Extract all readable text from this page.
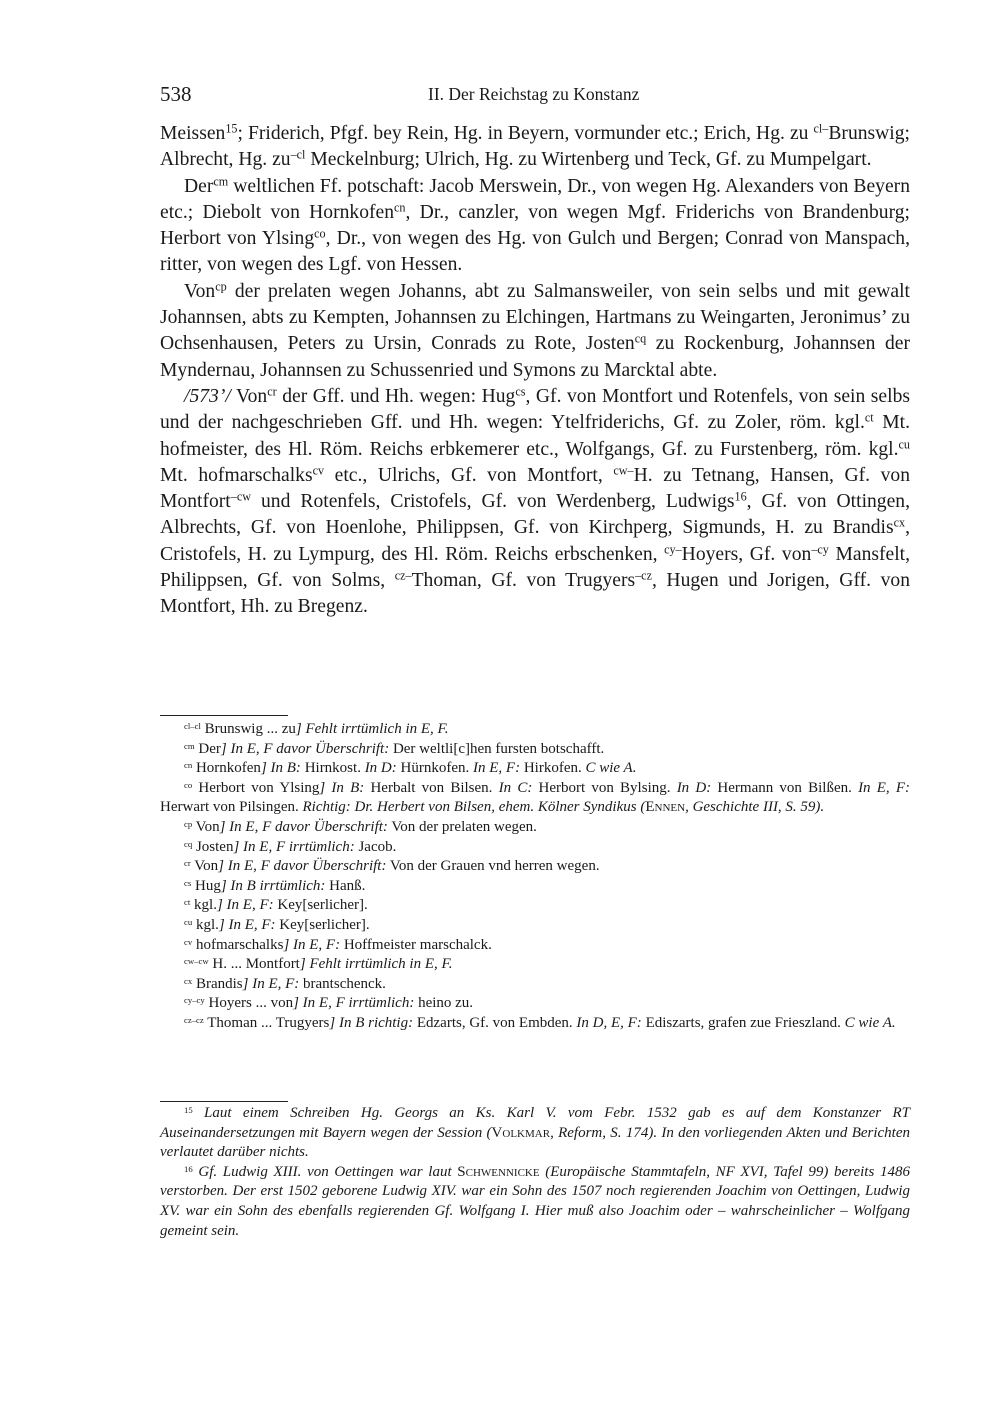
538	II. Der Reichstag zu Konstanz

Meissen$^{15}$; Friderich, Pfgf. bey Rein, Hg. in Beyern, vormunder etc.; Erich, Hg. zu $^{cl-}$Brunswig; Albrecht, Hg. $zu^{-cl}$ Meckelnburg; Ulrich, Hg. zu Wirtenberg und Teck, Gf. zu Mumpelgart.

Der$^{cm}$ weltlichen Ff. potschaft: Jacob Merswein, Dr., von wegen Hg. Alexanders von Beyern etc.; Diebolt von Hornkofen$^{cn}$, Dr., canzler, von wegen Mgf. Friderichs von Brandenburg; Herbort von Ylsing$^{co}$, Dr., von wegen des Hg. von Gulch und Bergen; Conrad von Manspach, ritter, von wegen des Lgf. von Hessen.

Von$^{cp}$ der prelaten wegen Johanns, abt zu Salmansweiler, von sein selbs und mit gewalt Johannsen, abts zu Kempten, Johannsen zu Elchingen, Hartmans zu Weingarten, Jeronimus’ zu Ochsenhausen, Peters zu Ursin, Conrads zu Rote, Josten$^{cq}$ zu Rockenburg, Johannsen der Myndernau, Johannsen zu Schussenried und Symons zu Marcktal abte.

/573’/ Von$^{cr}$ der Gff. und Hh. wegen: Hug$^{cs}$, Gf. von Montfort und Rotenfels, von sein selbs und der nachgeschrieben Gff. und Hh. wegen: Ytelfriderichs, Gf. zu Zoler, röm. kgl.$^{ct}$ Mt. hofmeister, des Hl. Röm. Reichs erbkemerer etc., Wolfgangs, Gf. zu Furstenberg, röm. kgl.$^{cu}$ Mt. hofmarschalks$^{cv}$ etc., Ulrichs, Gf. von Montfort, $^{cw-}$H. zu Tetnang, Hansen, Gf. von Montfort$^{-cw}$ und Rotenfels, Cristofels, Gf. von Werdenberg, Ludwigs$^{16}$, Gf. von Ottingen, Albrechts, Gf. von Hoenlohe, Philippsen, Gf. von Kirchperg, Sigmunds, H. zu Brandis$^{cx}$, Cristofels, H. zu Lympurg, des Hl. Röm. Reichs erbschenken, $^{cy-}$Hoyers, Gf. von$^{-cy}$ Mansfelt, Philippsen, Gf. von Solms, $^{cz-}$Thoman, Gf. von Trugyers$^{-cz}$, Hugen und Jorigen, Gff. von Montfort, Hh. zu Bregenz.

$^{cl-cl}$ Brunswig ... zu] Fehlt irrtümlich in E, F.

$^{cm}$ Der] In E, F davor Überschrift: Der weltli[c]hen fursten botschafft.

$^{cn}$ Hornkofen] In B: Hirnkost. In D: Hürnkofen. In E, F: Hirkofen. C wie A.

$^{co}$ Herbort von Ylsing] In B: Herbalt von Bilsen. In C: Herbort von Bylsing. In D: Hermann von Bilßen. In E, F: Herwart von Pilsingen. Richtig: Dr. Herbert von Bilsen, ehem. Kölner Syndikus (Ennen, Geschichte III, S. 59).

$^{cp}$ Von] In E, F davor Überschrift: Von der prelaten wegen.

$^{cq}$ Josten] In E, F irrtümlich: Jacob.

$^{cr}$ Von] In E, F davor Überschrift: Von der Grauen vnd herren wegen.

$^{cs}$ Hug] In B irrtümlich: Hanß.

$^{ct}$ kgl.] In E, F: Key[serlicher].

$^{cu}$ kgl.] In E, F: Key[serlicher].

$^{cv}$ hofmarschalks] In E, F: Hoffmeister marschalck.

$^{cw-cw}$ H. ... Montfort] Fehlt irrtümlich in E, F.

$^{cx}$ Brandis] In E, F: brantschenck.

$^{cy-cy}$ Hoyers ... von] In E, F irrtümlich: heino zu.

$^{cz-cz}$ Thoman ... Trugyers] In B richtig: Edzarts, Gf. von Embden. In D, E, F: Ediszarts, grafen zue Frieszland. C wie A.

$^{15}$ Laut einem Schreiben Hg. Georgs an Ks. Karl V. vom Febr. 1532 gab es auf dem Konstanzer RT Auseinandersetzungen mit Bayern wegen der Session (Volkmar, Reform, S. 174). In den vorliegenden Akten und Berichten verlautet darüber nichts.

$^{16}$ Gf. Ludwig XIII. von Oettingen war laut Schwennicke (Europäische Stammtafeln, NF XVI, Tafel 99) bereits 1486 verstorben. Der erst 1502 geborene Ludwig XIV. war ein Sohn des 1507 noch regierenden Joachim von Oettingen, Ludwig XV. war ein Sohn des ebenfalls regierenden Gf. Wolfgang I. Hier muß also Joachim oder – wahrscheinlicher – Wolfgang gemeint sein.
